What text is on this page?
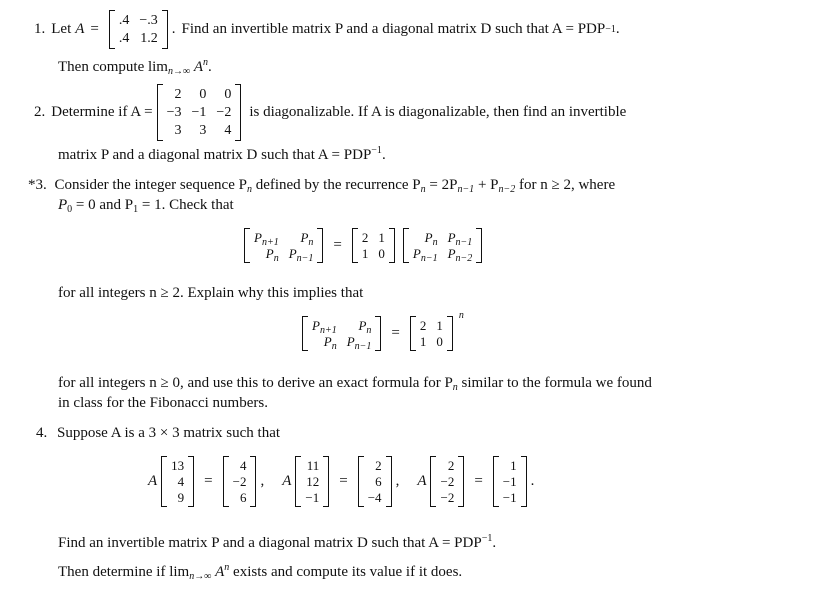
1. Let A =
.4 −.3
.4 1.2
. Find an invertible matrix P and a diagonal matrix D such that A = PDP −1 .
Then compute $\lim_{n\to\infty} A^n$.
2. Determine if A =
2	0	0
−3 −1 −2
3	3	4
is diagonalizable. If A is diagonalizable, then find an invertible
matrix P and a diagonal matrix D such that $A = PDP^{-1}$.
*3. Consider the integer sequence $P_n$ defined by the recurrence $P_n = 2P_{n-1} + P_{n-2}$ for n ≥ 2, where
$P_0 = 0$ and $P_1 = 1$. Check that
$P_{n+1}$	$P_n$
$P_n$ $P_{n-1}$
= 2 1
1 0
$P_n$ $P_{n-1}$
$P_{n-1}$ $P_{n-2}$
for all integers n ≥ 2. Explain why this implies that
$P_{n+1}$	$P_n$
$P_n$ $P_{n-1}$
= 2 1
1 0
n
for all integers n ≥ 0, and use this to derive an exact formula for $P_n$ similar to the formula we found
in class for the Fibonacci numbers.
4. Suppose A is a 3 × 3 matrix such that
A
13
4
9
=
4
−2
6
, A
11
12
−1
=
2
6
−4
, A
2
−2
−2
=
1
−1
−1
.
Find an invertible matrix P and a diagonal matrix D such that $A = PDP^{-1}$.
Then determine if $\lim_{n\to\infty} A^n$ exists and compute its value if it does.
